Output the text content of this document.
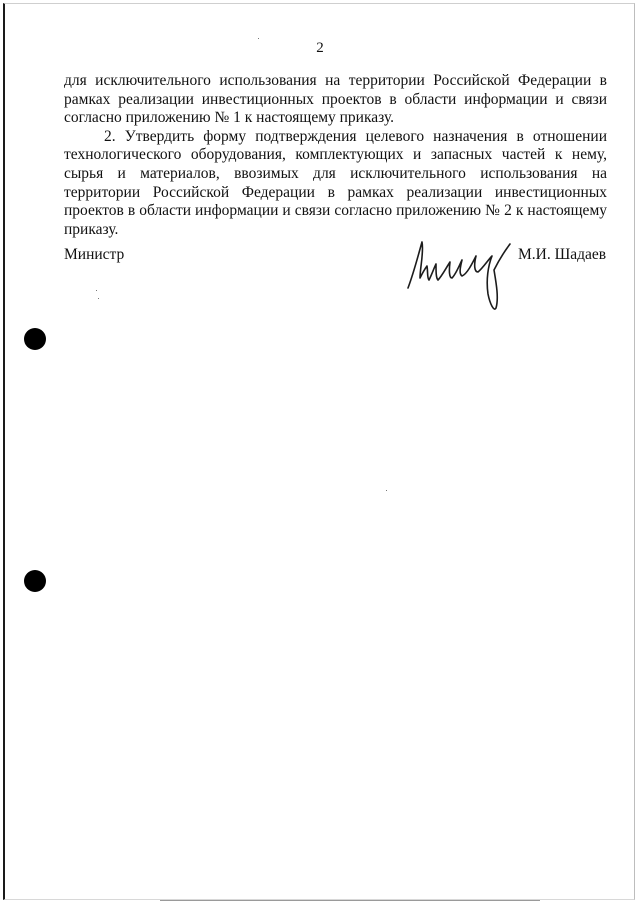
2

для исключительного использования на территории Российской Федерации в рамках реализации инвестиционных проектов в области информации и связи согласно приложению № 1 к настоящему приказу.

2. Утвердить форму подтверждения целевого назначения в отношении технологического оборудования, комплектующих и запасных частей к нему, сырья и материалов, ввозимых для исключительного использования на территории Российской Федерации в рамках реализации инвестиционных проектов в области информации и связи согласно приложению № 2 к настоящему приказу.

Министр	М.И. Шадаев
